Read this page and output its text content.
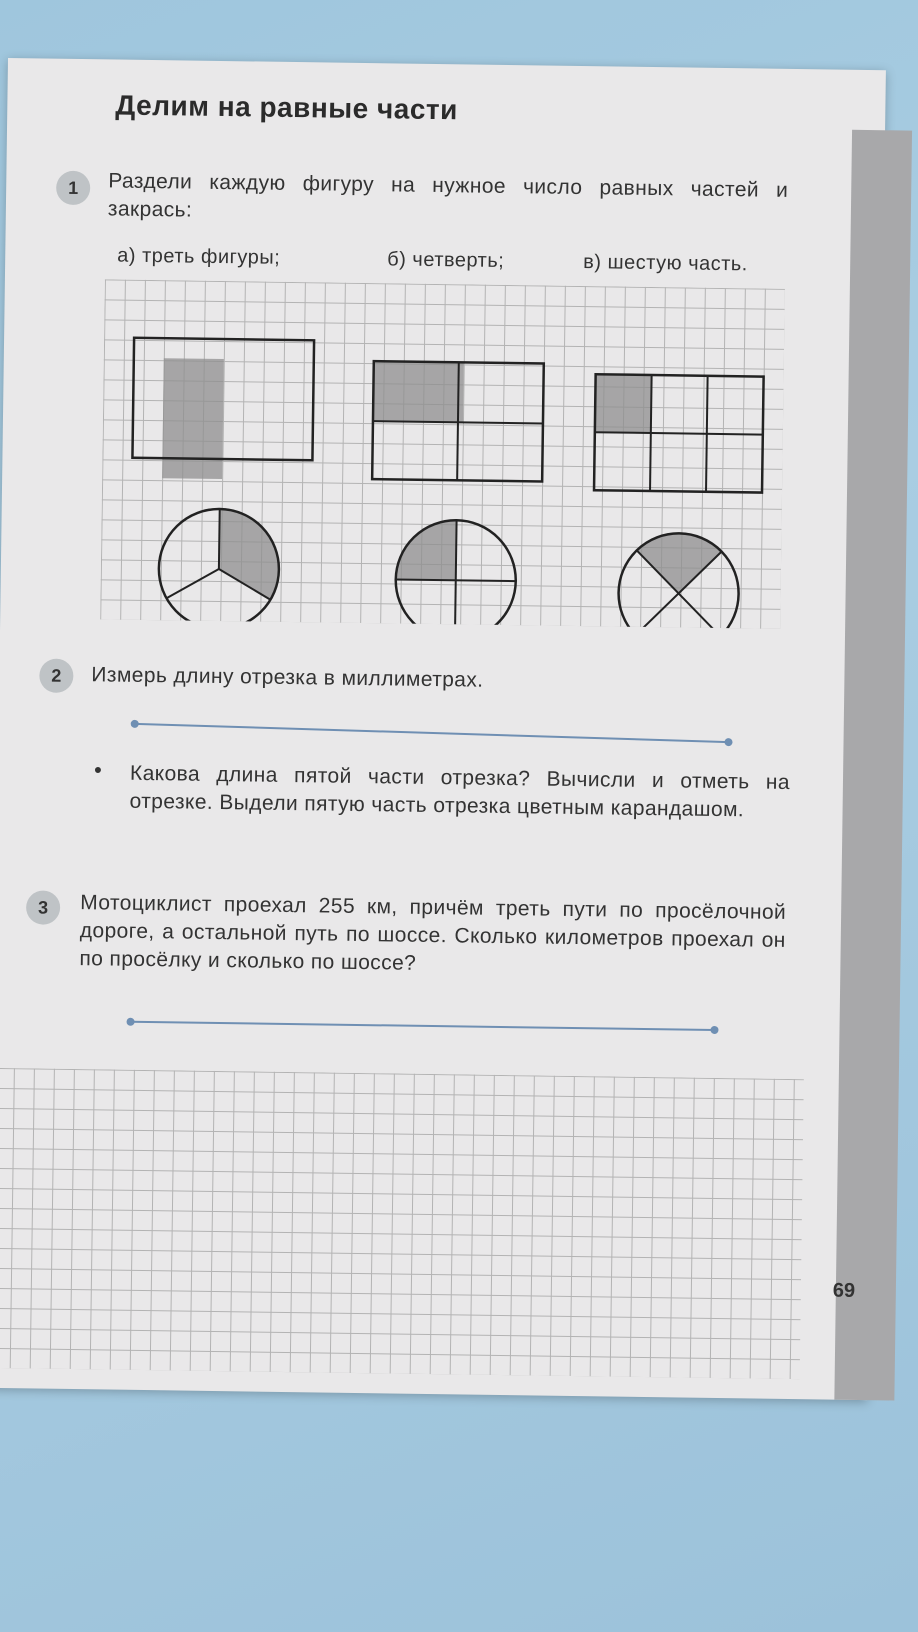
Делим на равные части
1	Раздели каждую фигуру на нужное число равных частей и закрась:
а) треть фигуры;	б) четверть;	в) шестую часть.
2	Измерь длину отрезка в миллиметрах.
• Какова длина пятой части отрезка? Вычисли и отметь на отрезке. Выдели пятую часть отрезка цветным карандашом.
3	Мотоциклист проехал 255 км, причём треть пути по просёлочной дороге, а остальной путь по шоссе. Сколько километров проехал он по просёлку и сколько по шоссе?
69
